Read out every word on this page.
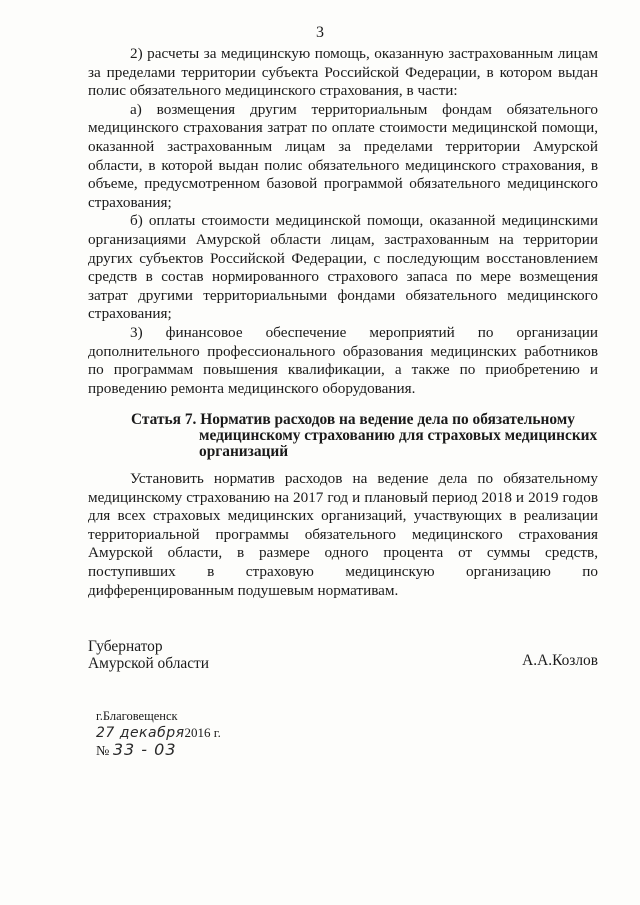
3

2) расчеты за медицинскую помощь, оказанную застрахованным лицам за пределами территории субъекта Российской Федерации, в котором выдан полис обязательного медицинского страхования, в части:

а) возмещения другим территориальным фондам обязательного медицинского страхования затрат по оплате стоимости медицинской помощи, оказанной застрахованным лицам за пределами территории Амурской области, в которой выдан полис обязательного медицинского страхования, в объеме, предусмотренном базовой программой обязательного медицинского страхования;

б) оплаты стоимости медицинской помощи, оказанной медицинскими организациями Амурской области лицам, застрахованным на территории других субъектов Российской Федерации, с последующим восстановлением средств в состав нормированного страхового запаса по мере возмещения затрат другими территориальными фондами обязательного медицинского страхования;

3) финансовое обеспечение мероприятий по организации дополнительного профессионального образования медицинских работников по программам повышения квалификации, а также по приобретению и проведению ремонта медицинского оборудования.

Статья 7. Норматив расходов на ведение дела по обязательному
медицинскому страхованию для страховых медицинских
организаций

Установить норматив расходов на ведение дела по обязательному медицинскому страхованию на 2017 год и плановый период 2018 и 2019 годов для всех страховых медицинских организаций, участвующих в реализации территориальной программы обязательного медицинского страхования Амурской области, в размере одного процента от суммы средств, поступивших в страховую медицинскую организацию по дифференцированным подушевым нормативам.

Губернатор
Амурской области	А.А.Козлов
г.Благовещенск
27 декабря2016 г.
№ 33 - 03
